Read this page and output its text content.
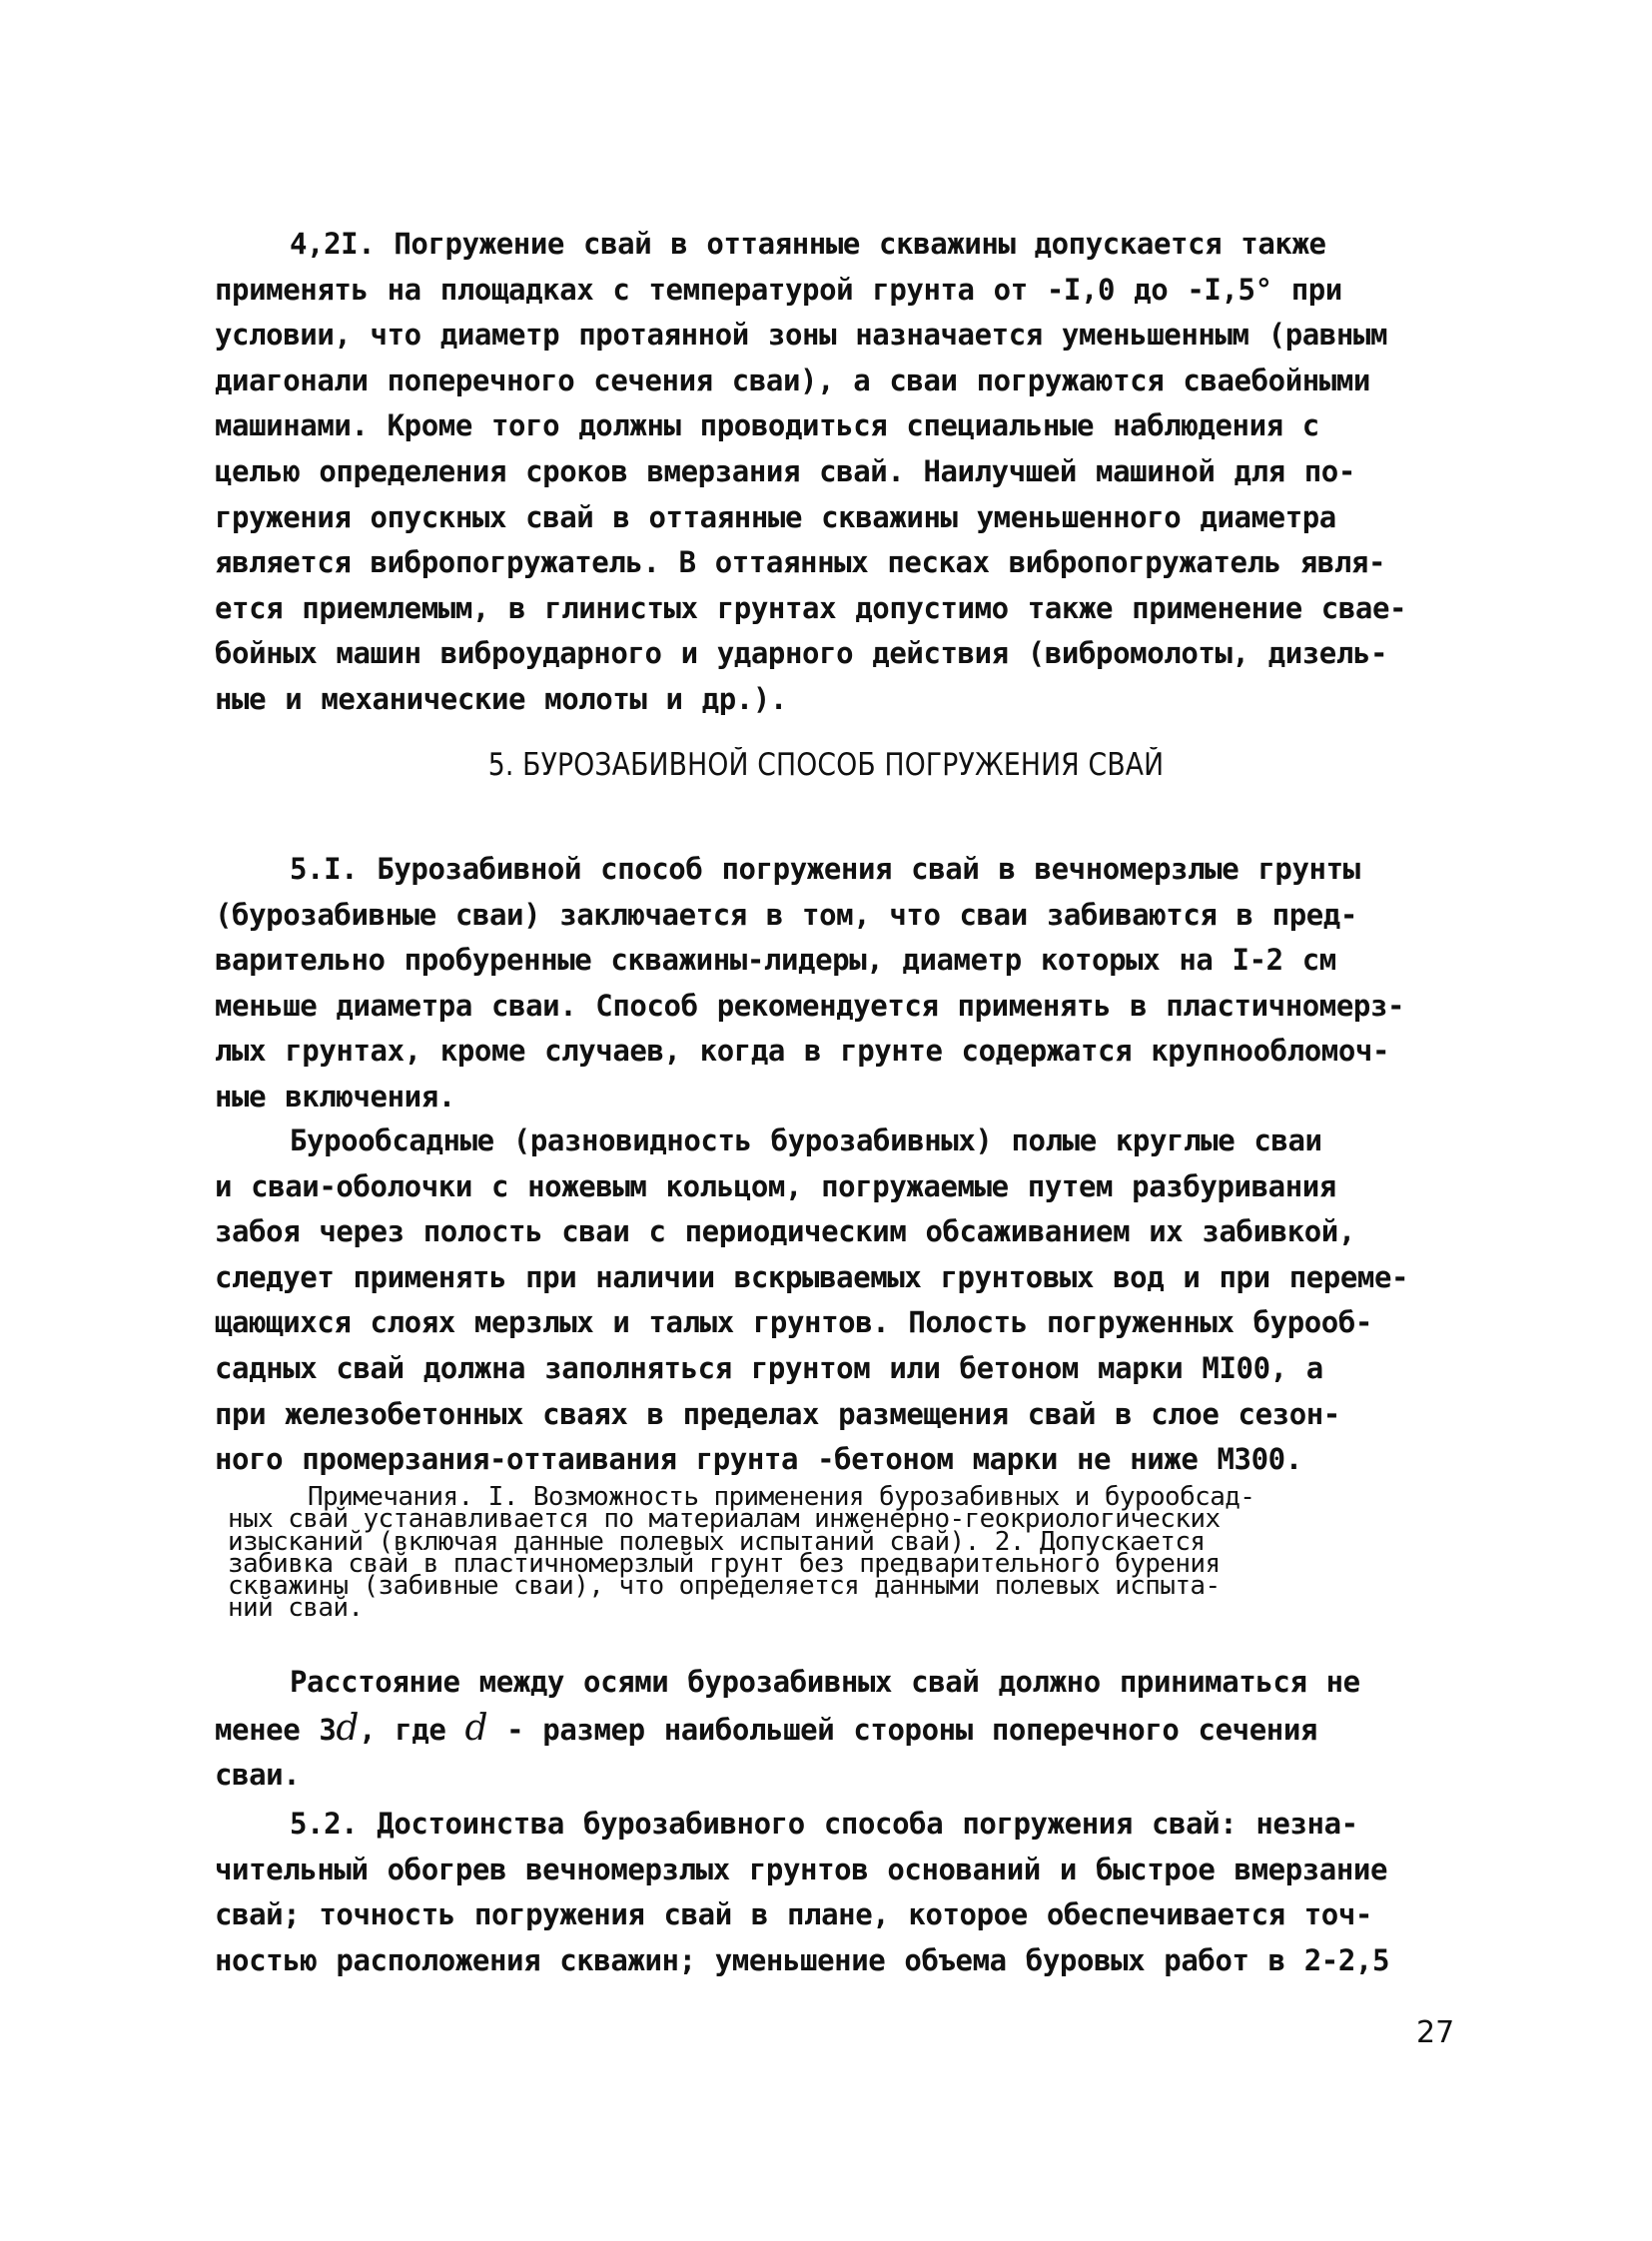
4,2I. Погружение свай в оттаянные скважины допускается также
применять на площадках с температурой грунта от -I,0 до -I,5° при
условии, что диаметр протаянной зоны назначается уменьшенным (равным
диагонали поперечного сечения сваи), а сваи погружаются сваебойными
машинами. Кроме того должны проводиться специальные наблюдения с
целью определения сроков вмерзания свай. Наилучшей машиной для по-
гружения опускных свай в оттаянные скважины уменьшенного диаметра
является вибропогружатель. В оттаянных песках вибропогружатель явля-
ется приемлемым, в глинистых грунтах допустимо также применение свае-
бойных машин виброударного и ударного действия (вибромолоты, дизель-
ные и механические молоты и др.).
5. БУРОЗАБИВНОЙ СПОСОБ ПОГРУЖЕНИЯ СВАЙ
5.I. Бурозабивной способ погружения свай в вечномерзлые грунты
(бурозабивные сваи) заключается в том, что сваи забиваются в пред-
варительно пробуренные скважины-лидеры, диаметр которых на I-2 см
меньше диаметра сваи. Способ рекомендуется применять в пластичномерз-
лых грунтах, кроме случаев, когда в грунте содержатся крупнообломоч-
ные включения.
Бурообсадные (разновидность бурозабивных) полые круглые сваи
и сваи-оболочки с ножевым кольцом, погружаемые путем разбуривания
забоя через полость сваи с периодическим обсаживанием их забивкой,
следует применять при наличии вскрываемых грунтовых вод и при переме-
щающихся слоях мерзлых и талых грунтов. Полость погруженных бурооб-
садных свай должна заполняться грунтом или бетоном марки МI00, а
при железобетонных сваях в пределах размещения свай в слое сезон-
ного промерзания-оттаивания грунта -бетоном марки не ниже М300.
Примечания. I. Возможность применения бурозабивных и бурообсад-
ных свай устанавливается по материалам инженерно-геокриологических
изысканий (включая данные полевых испытаний свай). 2. Допускается
забивка свай в пластичномерзлый грунт без предварительного бурения
скважины (забивные сваи), что определяется данными полевых испыта-
ний свай.
Расстояние между осями бурозабивных свай должно приниматься не
менее 3d, где d - размер наибольшей стороны поперечного сечения
сваи.
5.2. Достоинства бурозабивного способа погружения свай: незна-
чительный обогрев вечномерзлых грунтов оснований и быстрое вмерзание
свай; точность погружения свай в плане, которое обеспечивается точ-
ностью расположения скважин; уменьшение объема буровых работ в 2-2,5
27
